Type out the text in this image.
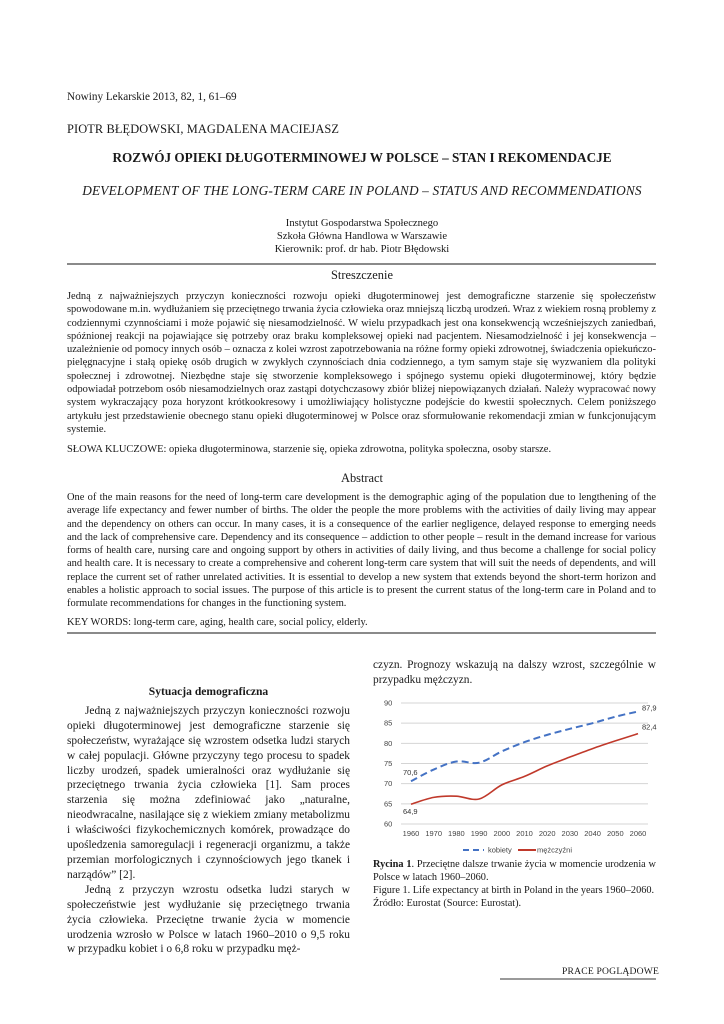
Nowiny Lekarskie 2013, 82, 1, 61–69
PIOTR BŁĘDOWSKI, MAGDALENA MACIEJASZ
ROZWÓJ OPIEKI DŁUGOTERMINOWEJ W POLSCE – STAN I REKOMENDACJE
DEVELOPMENT OF THE LONG-TERM CARE IN POLAND – STATUS AND RECOMMENDATIONS
Instytut Gospodarstwa Społecznego
Szkoła Główna Handlowa w Warszawie
Kierownik: prof. dr hab. Piotr Błędowski
Streszczenie
Jedną z najważniejszych przyczyn konieczności rozwoju opieki długoterminowej jest demograficzne starzenie się społeczeństw spowodowane m.in. wydłużaniem się przeciętnego trwania życia człowieka oraz mniejszą liczbą urodzeń. Wraz z wiekiem rosną problemy z codziennymi czynnościami i może pojawić się niesamodzielność. W wielu przypadkach jest ona konsekwencją wcześniejszych zaniedbań, spóźnionej reakcji na pojawiające się potrzeby oraz braku kompleksowej opieki nad pacjentem. Niesamodzielność i jej konsekwencja – uzależnienie od pomocy innych osób – oznacza z kolei wzrost zapotrzebowania na różne formy opieki zdrowotnej, świadczenia opiekuńczo-pielęgnacyjne i stałą opiekę osób drugich w zwykłych czynnościach dnia codziennego, a tym samym staje się wyzwaniem dla polityki społecznej i zdrowotnej. Niezbędne staje się stworzenie kompleksowego i spójnego systemu opieki długoterminowej, który będzie odpowiadał potrzebom osób niesamodzielnych oraz zastąpi dotychczasowy zbiór bliżej niepowiązanych działań. Należy wypracować nowy system wykraczający poza horyzont krótkookresowy i umożliwiający holistyczne podejście do kwestii społecznych. Celem poniższego artykułu jest przedstawienie obecnego stanu opieki długoterminowej w Polsce oraz sformułowanie rekomendacji zmian w funkcjonującym systemie.
SŁOWA KLUCZOWE: opieka długoterminowa, starzenie się, opieka zdrowotna, polityka społeczna, osoby starsze.
Abstract
One of the main reasons for the need of long-term care development is the demographic aging of the population due to lengthening of the average life expectancy and fewer number of births. The older the people the more problems with the activities of daily living may appear and the dependency on others can occur. In many cases, it is a consequence of the earlier negligence, delayed response to emerging needs and the lack of comprehensive care. Dependency and its consequence – addiction to other people – result in the demand increase for various forms of health care, nursing care and ongoing support by others in activities of daily living, and thus become a challenge for social policy and health care. It is necessary to create a comprehensive and coherent long-term care system that will suit the needs of dependents, and will replace the current set of rather unrelated activities. It is essential to develop a new system that extends beyond the short-term horizon and enables a holistic approach to social issues. The purpose of this article is to present the current status of the long-term care in Poland and to formulate recommendations for changes in the functioning system.
KEY WORDS: long-term care, aging, health care, social policy, elderly.
Sytuacja demograficzna

Jedną z najważniejszych przyczyn konieczności rozwoju opieki długoterminowej jest demograficzne starzenie się społeczeństw, wyrażające się wzrostem odsetka ludzi starych w całej populacji. Główne przyczyny tego procesu to spadek liczby urodzeń, spadek umieralności oraz wydłużanie się przeciętnego trwania życia człowieka [1]. Sam proces starzenia się można zdefiniować jako „naturalne, nieodwracalne, nasilające się z wiekiem zmiany metabolizmu i właściwości fizykochemicznych komórek, prowadzące do upośledzenia samoregulacji i regeneracji organizmu, a także przemian morfologicznych i czynnościowych jego tkanek i narządów” [2].

Jedną z przyczyn wzrostu odsetka ludzi starych w społeczeństwie jest wydłużanie się przeciętnego trwania życia człowieka. Przeciętne trwanie życia w momencie urodzenia wzrosło w Polsce w latach 1960–2010 o 9,5 roku w przypadku kobiet i o 6,8 roku w przypadku męż-

czyzn. Prognozy wskazują na dalszy wzrost, szczególnie w przypadku mężczyzn.
60
65
70
75
80
85
90
1960 1970 1980 1990 2000 2010 2020 2030 2040 2050 2060
70,6
64,9
87,9
82,4
kobiety	mężczyźni
Rycina 1. Przeciętne dalsze trwanie życia w momencie urodzenia w Polsce w latach 1960–2060.
Figure 1. Life expectancy at birth in Poland in the years 1960–2060.
Źródło: Eurostat (Source: Eurostat).
PRACE POGLĄDOWE
